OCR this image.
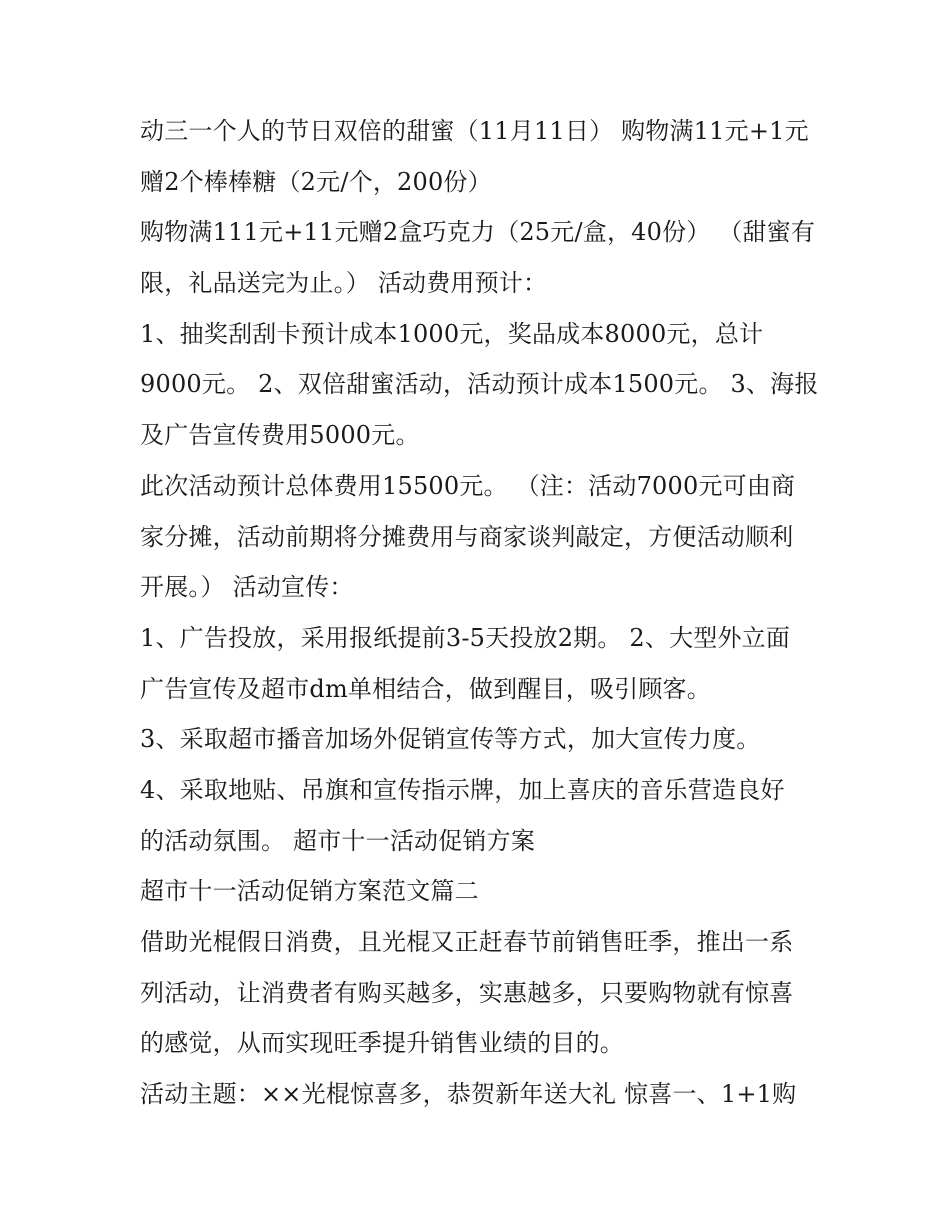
动三一个人的节日双倍的甜蜜（11月11日） 购物满11元+1元
赠2个棒棒糖（2元/个，200份）
购物满111元+11元赠2盒巧克力（25元/盒，40份） （甜蜜有
限，礼品送完为止。） 活动费用预计：
1、抽奖刮刮卡预计成本1000元，奖品成本8000元，总计
9000元。 2、双倍甜蜜活动，活动预计成本1500元。 3、海报
及广告宣传费用5000元。
此次活动预计总体费用15500元。 （注：活动7000元可由商
家分摊，活动前期将分摊费用与商家谈判敲定，方便活动顺利
开展。） 活动宣传：
1、广告投放，采用报纸提前3-5天投放2期。 2、大型外立面
广告宣传及超市dm单相结合，做到醒目，吸引顾客。
3、采取超市播音加场外促销宣传等方式，加大宣传力度。
4、采取地贴、吊旗和宣传指示牌，加上喜庆的音乐营造良好
的活动氛围。 超市十一活动促销方案
超市十一活动促销方案范文篇二
借助光棍假日消费，且光棍又正赶春节前销售旺季，推出一系
列活动，让消费者有购买越多，实惠越多，只要购物就有惊喜
的感觉，从而实现旺季提升销售业绩的目的。
活动主题：××光棍惊喜多，恭贺新年送大礼 惊喜一、1+1购
